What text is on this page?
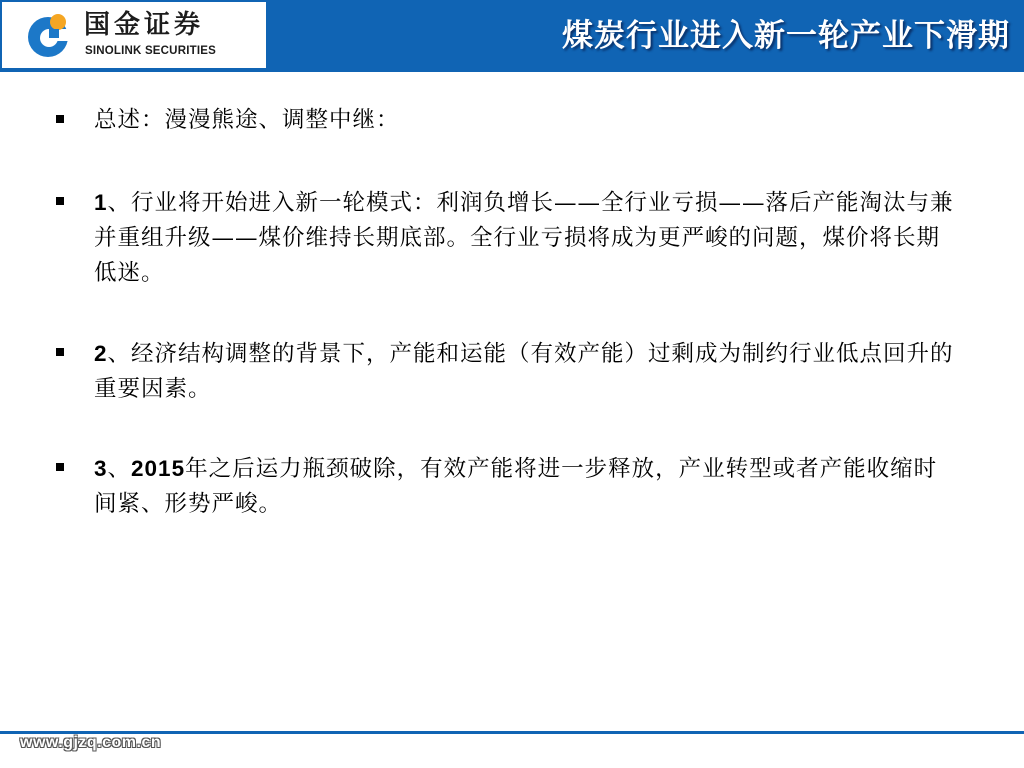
国金证券
SINOLINK SECURITIES	煤炭行业进入新一轮产业下滑期
总述：漫漫熊途、调整中继：
1、行业将开始进入新一轮模式：利润负增长——全行业亏损——落后产能淘汰与兼并重组升级——煤价维持长期底部。全行业亏损将成为更严峻的问题，煤价将长期低迷。
2、经济结构调整的背景下，产能和运能（有效产能）过剩成为制约行业低点回升的重要因素。
3、2015年之后运力瓶颈破除，有效产能将进一步释放，产业转型或者产能收缩时间紧、形势严峻。
www.gjzq.com.cn
